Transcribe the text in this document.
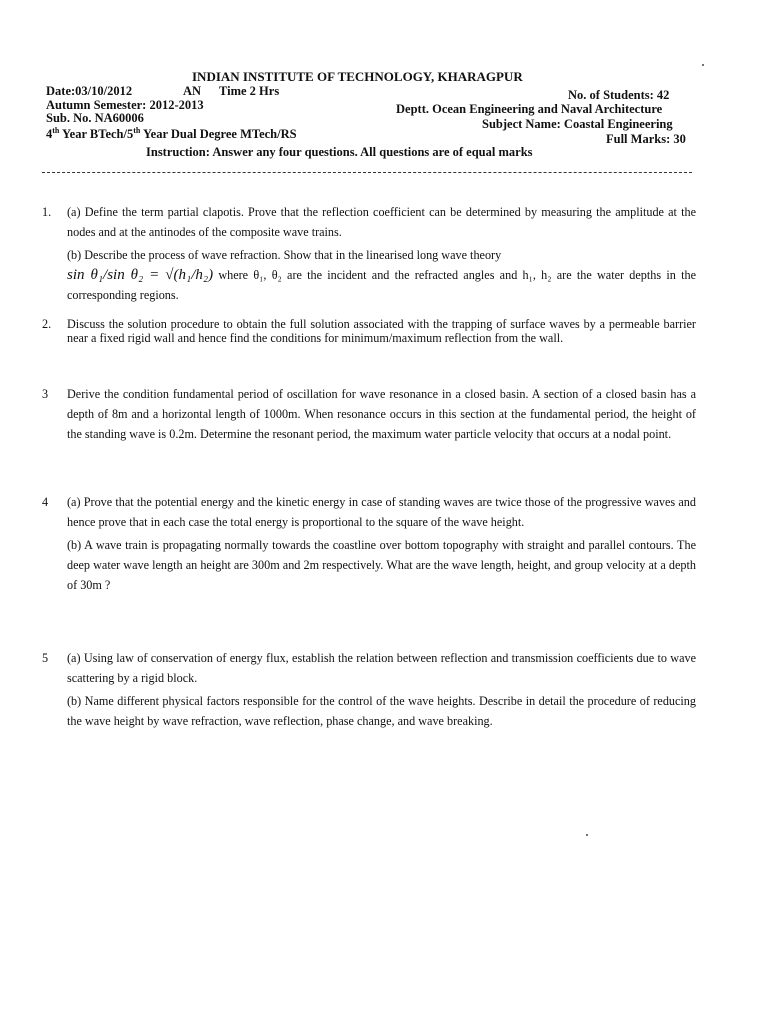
INDIAN INSTITUTE OF TECHNOLOGY, KHARAGPUR
Date:03/10/2012	AN Time 2 Hrs	No. of Students: 42
Autumn Semester: 2012-2013	Deptt. Ocean Engineering and Naval Architecture
Sub. No. NA60006	Subject Name: Coastal Engineering
4th Year BTech/5th Year Dual Degree MTech/RS	Full Marks: 30
Instruction: Answer any four questions. All questions are of equal marks
1.	(a) Define the term partial clapotis. Prove that the reflection coefficient can be determined by measuring the amplitude at the nodes and at the antinodes of the composite wave trains.

(b) Describe the process of wave refraction. Show that in the linearised long wave theory

sin θ₁/sin θ₂ = √(h₁/h₂) where θ₁, θ₂ are the incident and the refracted angles and h₁, h₂ are the water depths in the corresponding regions.

2.	Discuss the solution procedure to obtain the full solution associated with the trapping of surface waves by a permeable barrier near a fixed rigid wall and hence find the conditions for minimum/maximum reflection from the wall.

3	Derive the condition fundamental period of oscillation for wave resonance in a closed basin. A section of a closed basin has a depth of 8m and a horizontal length of 1000m. When resonance occurs in this section at the fundamental period, the height of the standing wave is 0.2m. Determine the resonant period, the maximum water particle velocity that occurs at a nodal point.

4	(a) Prove that the potential energy and the kinetic energy in case of standing waves are twice those of the progressive waves and hence prove that in each case the total energy is proportional to the square of the wave height.

(b) A wave train is propagating normally towards the coastline over bottom topography with straight and parallel contours. The deep water wave length an height are 300m and 2m respectively. What are the wave length, height, and group velocity at a depth of 30m ?

5	(a) Using law of conservation of energy flux, establish the relation between reflection and transmission coefficients due to wave scattering by a rigid block.

(b) Name different physical factors responsible for the control of the wave heights. Describe in detail the procedure of reducing the wave height by wave refraction, wave reflection, phase change, and wave breaking.
